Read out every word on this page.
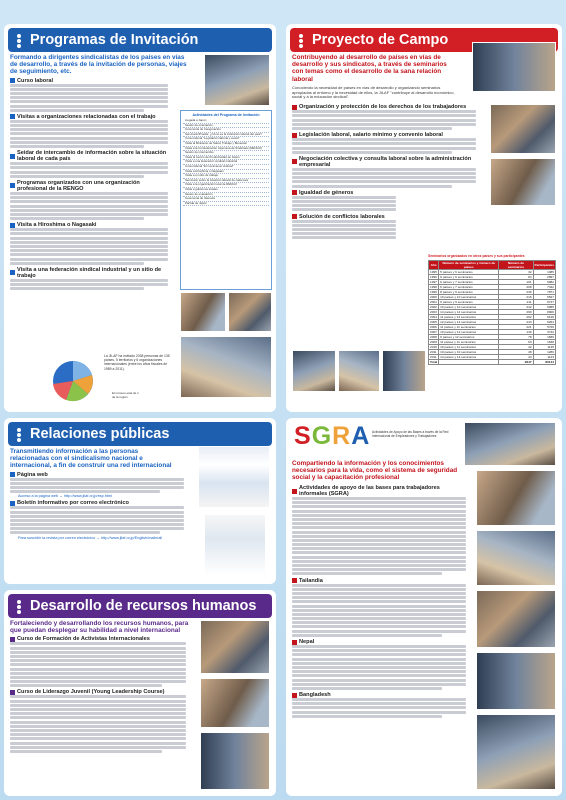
Programas de Invitación
Formando a dirigentes sindicalistas de los países en vías de desarrollo, a través de la invitación de personas, viajes de seguimiento, etc.
Curso laboral
Visitas a organizaciones relacionadas con el trabajo
Seidar de intercambio de información sobre la situación laboral de cada país
Programas organizados con una organización profesional de la RENGO
Visita a Hiroshima o Nagasaki
Visita a una federación sindical industrial y un sitio de trabajo
Actividades del Programa de Invitación
Llegada a Japón
Sesión de orientación
Ceremonia de Inauguración
Seminario/Prueba: ¿Cómo es la institución laboral del país?
Curso laboral "Legislación laboral y social"
Visita al Ministerio de Salud, Trabajo y Bienestar
Visita a la Confederación Japonesa de Sindicatos (RENGO)
Sesión de intercambio
Visita al Centro de Productividad de Japón
Visita a una federación sindical industrial
Curso laboral "El movimiento sindical"
Visita a Hiroshima o Nagasaki
Visita a un sitio de trabajo
Seminario sobre la situación laboral de cada país
Visita a la organización local de RENGO
Visita a gobiernos locales
Sesión de evaluación
Ceremonia de clausura
Partida de Japón
La JILAF ha invitado 2038 personas de 135 países, 5 territorios y 6 organizaciones internacionales (entre los años fiscales de 1989 a 2011).
El número está de 1 de la región
Proyecto de Campo
Contribuyendo al desarrollo de países en vías de desarrollo y sus sindicatos, a través de seminarios con temas como el desarrollo de la sana relación laboral
Conociendo la necesidad de países en vías de desarrollo y organizando seminarios apropiados al entorno y la necesidad de ellos, la JILAF "contribuye al desarrollo económico, social y a la educación sindical".
Organización y protección de los derechos de los trabajadores
Legislación laboral, salario mínimo y convenio laboral
Negociación colectiva y consulta laboral sobre la administración empresarial
Igualdad de géneros
Solución de conflictos laborales
Seminarios organizados en otros países y sus participantes
Año	Número de seminarios y número de países	Número de seminarios	Participantes
1995	5 países y 6 seminarios	32	1385
1996	6 países y 6 seminarios	84	2897
1997	6 países y 7 seminarios	191	6982
1998	6 países y 7 seminarios	208	7342
1999	8 países y 9 seminarios	236	7871
2000	10 países y 10 seminarios	216	6527
2001	9 países y 9 seminarios	211	6747
2002	10 países y 10 seminarios	242	6985
2003	14 países y 14 seminarios	290	8006
2004	11 países y 13 seminarios	262	6128
2005	12 países y 12 seminarios	243	6264
2006	11 países y 11 seminarios	221	5726
2007	10 países y 12 seminarios	149	3742
2008	9 países y 12 seminarios	78	1839
2009	11 países y 11 seminarios	63	1638
2010	10 países y 11 seminarios	42	1145
2011	10 países y 10 seminarios	48	1286
2011	14 países y 14 seminarios	44	1123
Total		2847	86144
Relaciones públicas
Transmitiendo información a las personas relacionadas con el sindicalismo nacional e internacional, a fin de construir una red internacional
Página web
Acceso a la página web → http://www.jilaf.or.jp/esp.html
Boletín informativo por correo electrónico
Para suscribir la revista por correo electrónico → http://www.jilaf.or.jp/English/mailmail
Desarrollo de recursos humanos
Fortaleciendo y desarrollando los recursos humanos, para que puedan desplegar su habilidad a nivel internacional
Curso de Formación de Activistas Internacionales
Curso de Liderazgo Juvenil (Young Leadership Course)
SGRA Actividades de Apoyo de las Bases a través de la Red Internacional de Empleadores y Trabajadores
Compartiendo la información y los conocimientos necesarios para la vida, como el sistema de seguridad social y la capacitación profesional
Actividades de apoyo de las bases para trabajadores informales (SGRA)
Tailandia
Nepal
Bangladesh
